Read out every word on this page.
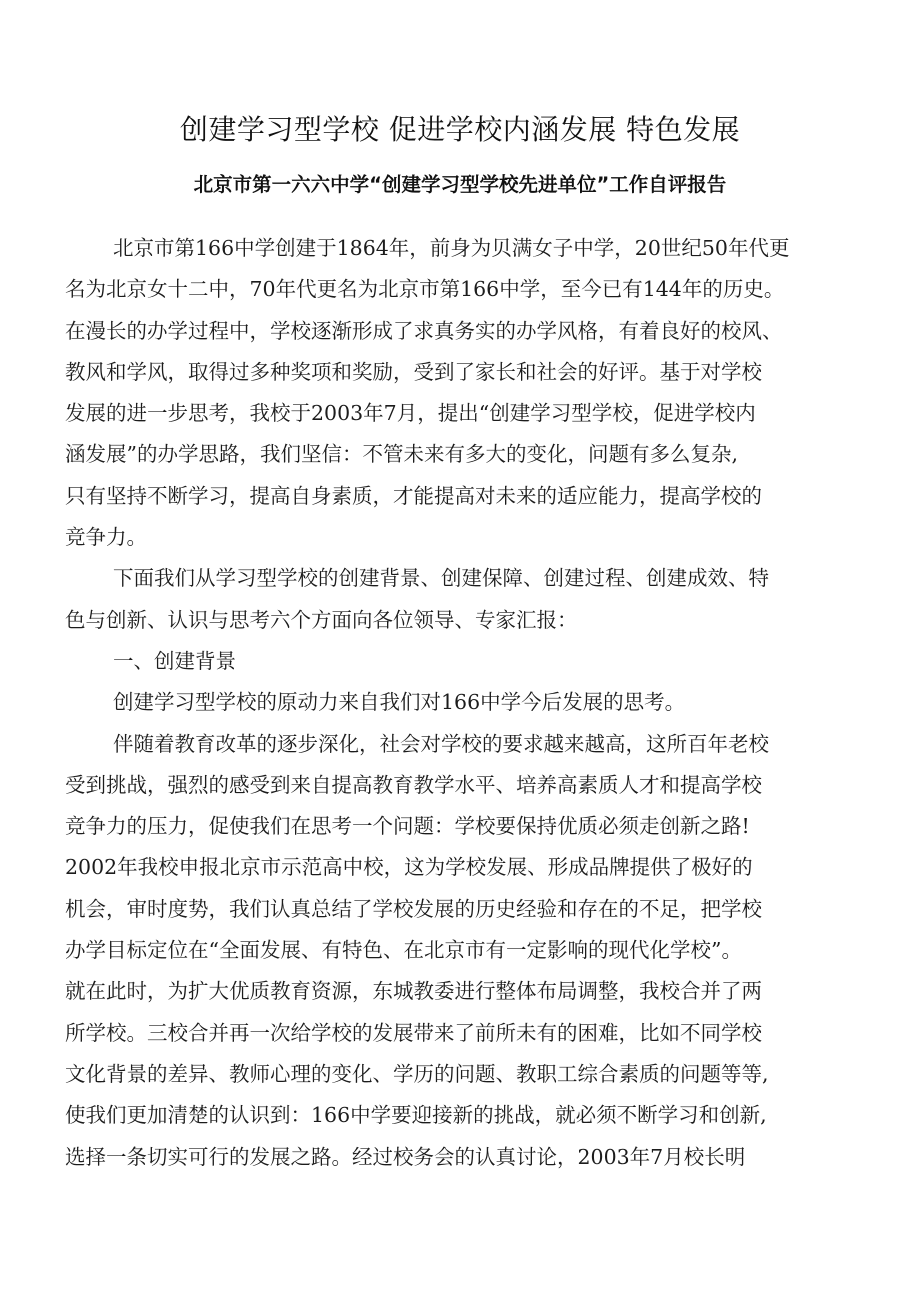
创建学习型学校 促进学校内涵发展 特色发展
北京市第一六六中学“创建学习型学校先进单位”工作自评报告
北京市第166中学创建于1864年，前身为贝满女子中学，20世纪50年代更
名为北京女十二中，70年代更名为北京市第166中学，至今已有144年的历史。
在漫长的办学过程中，学校逐渐形成了求真务实的办学风格，有着良好的校风、
教风和学风，取得过多种奖项和奖励，受到了家长和社会的好评。基于对学校
发展的进一步思考，我校于2003年7月，提出“创建学习型学校，促进学校内
涵发展”的办学思路，我们坚信：不管未来有多大的变化，问题有多么复杂,
只有坚持不断学习，提高自身素质，才能提高对未来的适应能力，提高学校的
竞争力。
下面我们从学习型学校的创建背景、创建保障、创建过程、创建成效、特
色与创新、认识与思考六个方面向各位领导、专家汇报：
一、创建背景
创建学习型学校的原动力来自我们对166中学今后发展的思考。
伴随着教育改革的逐步深化，社会对学校的要求越来越高，这所百年老校
受到挑战，强烈的感受到来自提高教育教学水平、培养高素质人才和提高学校
竞争力的压力，促使我们在思考一个问题：学校要保持优质必须走创新之路!
2002年我校申报北京市示范高中校，这为学校发展、形成品牌提供了极好的
机会，审时度势，我们认真总结了学校发展的历史经验和存在的不足，把学校
办学目标定位在“全面发展、有特色、在北京市有一定影响的现代化学校”。
就在此时，为扩大优质教育资源，东城教委进行整体布局调整，我校合并了两
所学校。三校合并再一次给学校的发展带来了前所未有的困难，比如不同学校
文化背景的差异、教师心理的变化、学历的问题、教职工综合素质的问题等等,
使我们更加清楚的认识到：166中学要迎接新的挑战，就必须不断学习和创新,
选择一条切实可行的发展之路。经过校务会的认真讨论，2003年7月校长明
